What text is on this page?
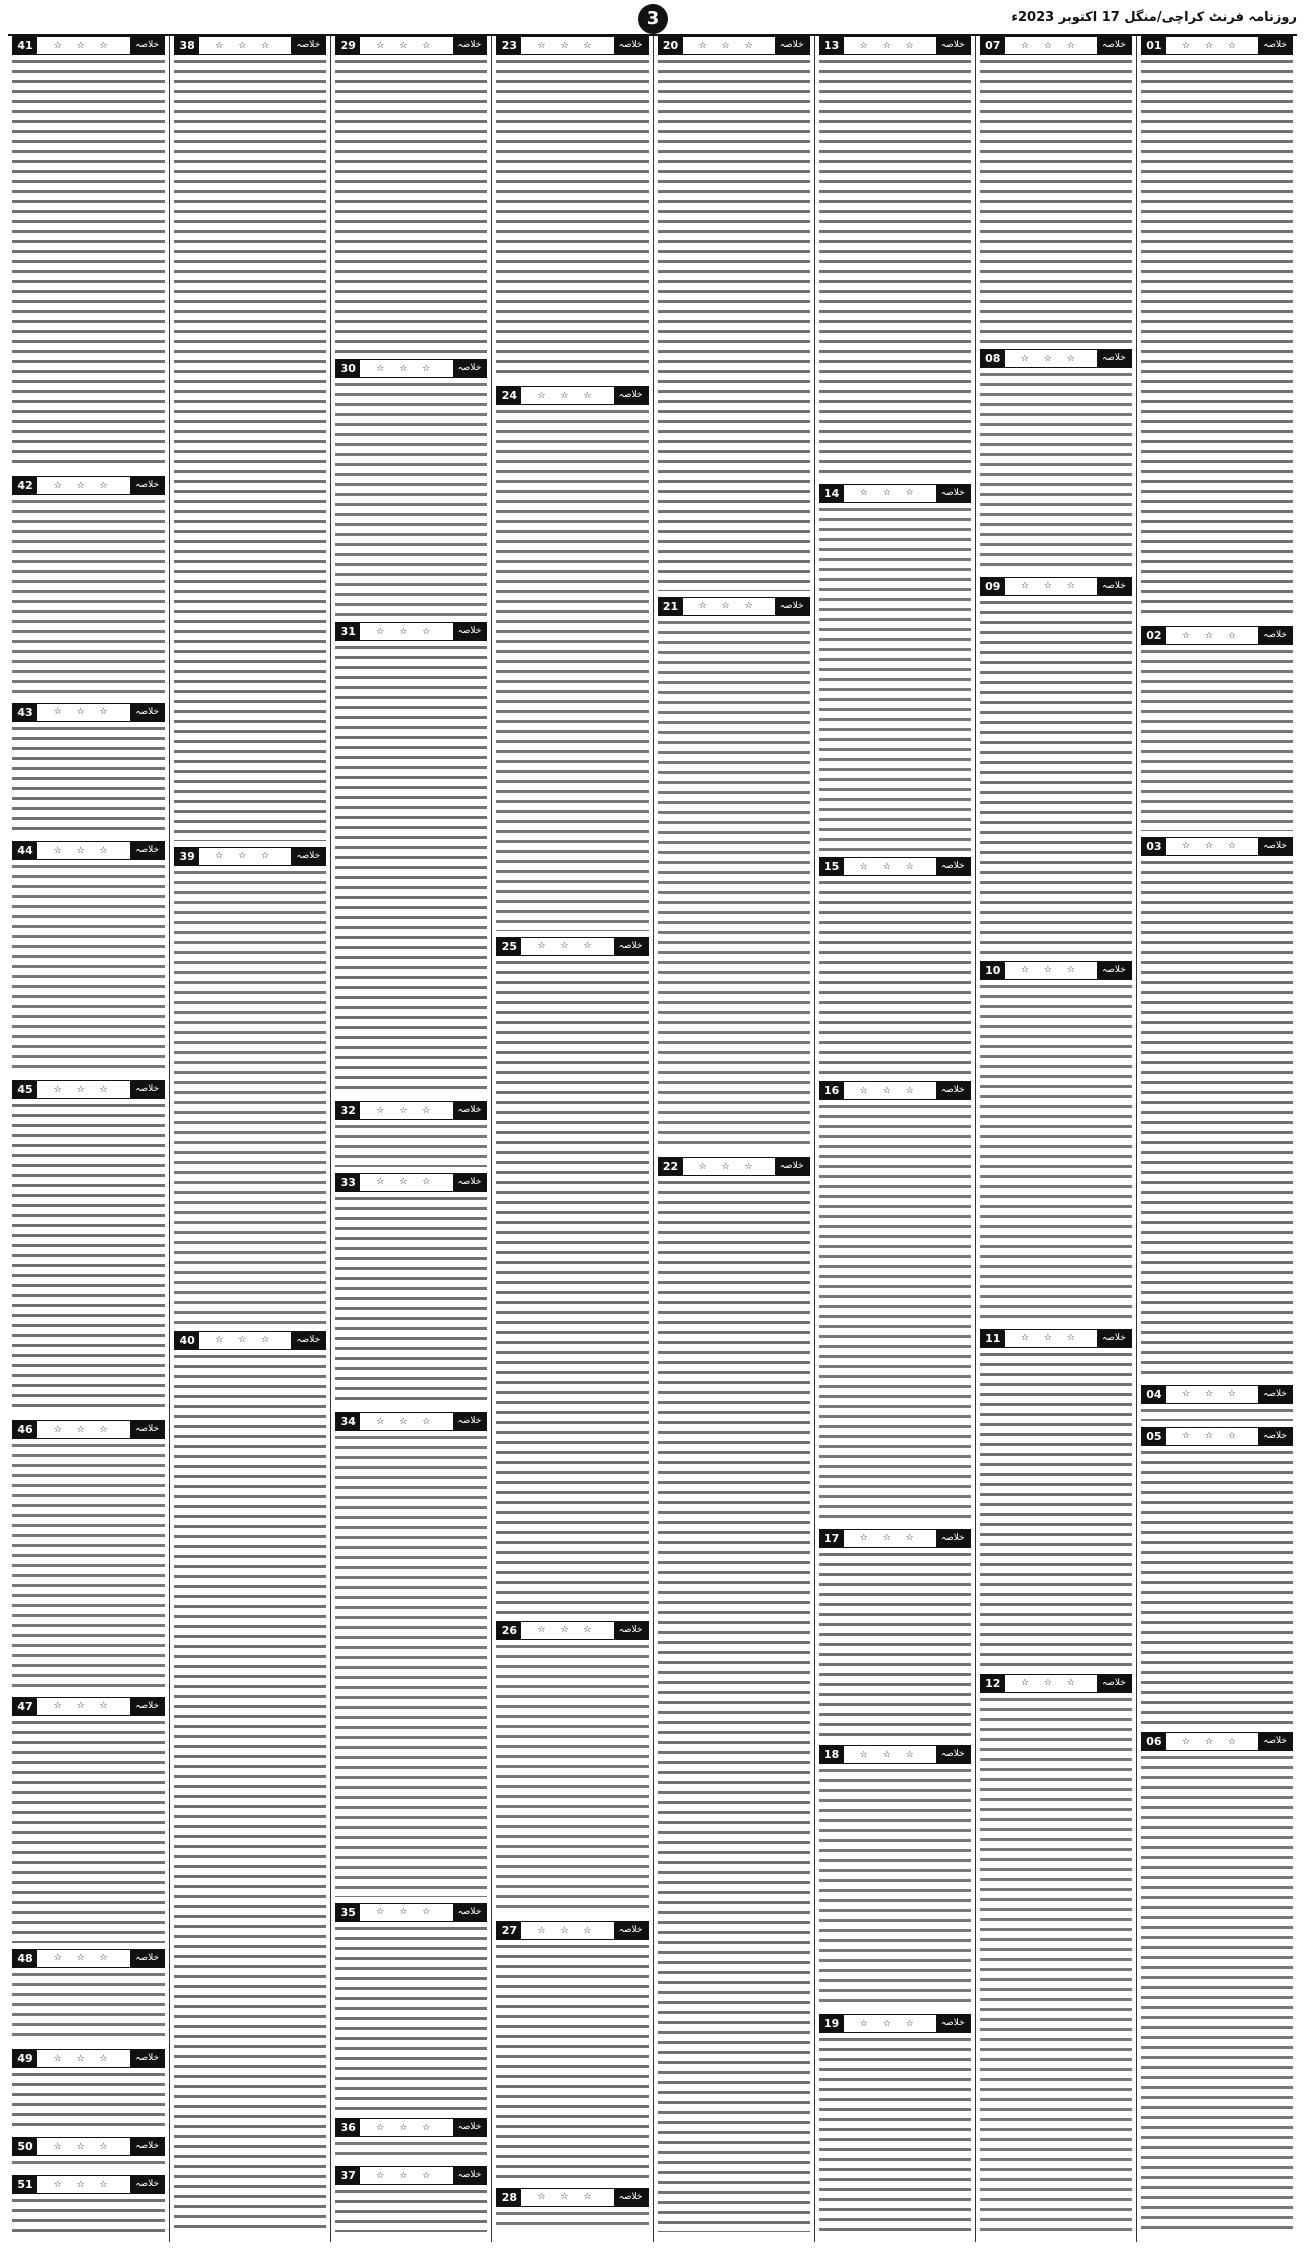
روزنامہ فرنٹ کراچی/منگل 17 اکتوبر 2023ء
3
01	☆ ☆ ☆	خلاصہ
02	☆ ☆ ☆	خلاصہ
03	☆ ☆ ☆	خلاصہ
04	☆ ☆ ☆	خلاصہ
05	☆ ☆ ☆	خلاصہ
06	☆ ☆ ☆	خلاصہ
07	☆ ☆ ☆	خلاصہ
08	☆ ☆ ☆	خلاصہ
09	☆ ☆ ☆	خلاصہ
10	☆ ☆ ☆	خلاصہ
11	☆ ☆ ☆	خلاصہ
12	☆ ☆ ☆	خلاصہ
13	☆ ☆ ☆	خلاصہ
14	☆ ☆ ☆	خلاصہ
15	☆ ☆ ☆	خلاصہ
16	☆ ☆ ☆	خلاصہ
17	☆ ☆ ☆	خلاصہ
18	☆ ☆ ☆	خلاصہ
19	☆ ☆ ☆	خلاصہ
20	☆ ☆ ☆	خلاصہ
21	☆ ☆ ☆	خلاصہ
22	☆ ☆ ☆	خلاصہ
23	☆ ☆ ☆	خلاصہ
24	☆ ☆ ☆	خلاصہ
25	☆ ☆ ☆	خلاصہ
26	☆ ☆ ☆	خلاصہ
27	☆ ☆ ☆	خلاصہ
28	☆ ☆ ☆	خلاصہ
29	☆ ☆ ☆	خلاصہ
30	☆ ☆ ☆	خلاصہ
31	☆ ☆ ☆	خلاصہ
32	☆ ☆ ☆	خلاصہ
33	☆ ☆ ☆	خلاصہ
34	☆ ☆ ☆	خلاصہ
35	☆ ☆ ☆	خلاصہ
36	☆ ☆ ☆	خلاصہ
37	☆ ☆ ☆	خلاصہ
38	☆ ☆ ☆	خلاصہ
39	☆ ☆ ☆	خلاصہ
40	☆ ☆ ☆	خلاصہ
41	☆ ☆ ☆	خلاصہ
42	☆ ☆ ☆	خلاصہ
43	☆ ☆ ☆	خلاصہ
44	☆ ☆ ☆	خلاصہ
45	☆ ☆ ☆	خلاصہ
46	☆ ☆ ☆	خلاصہ
47	☆ ☆ ☆	خلاصہ
48	☆ ☆ ☆	خلاصہ
49	☆ ☆ ☆	خلاصہ
50	☆ ☆ ☆	خلاصہ
51	☆ ☆ ☆	خلاصہ
